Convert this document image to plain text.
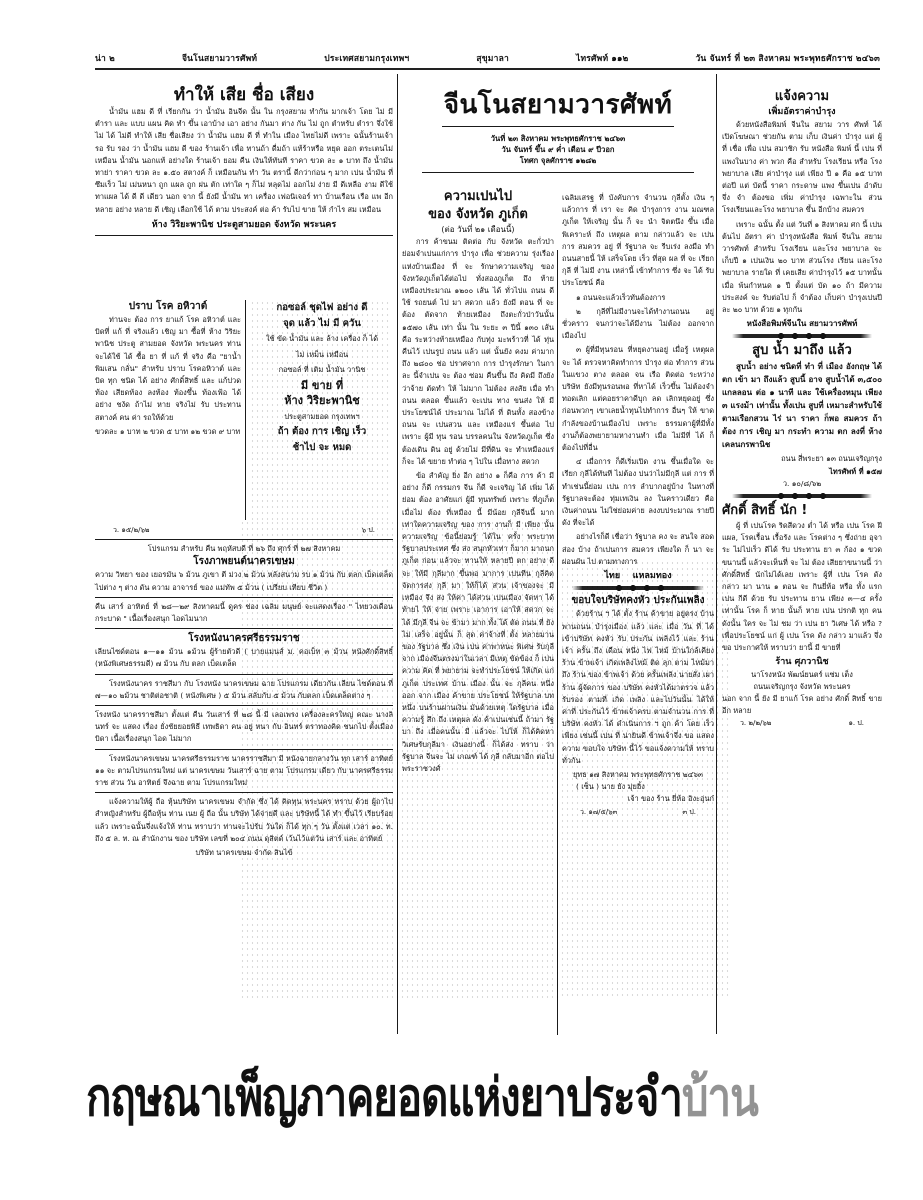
น่า ๒	จีนโนสยามวารศัพท์	ประเทศสยามกรุงเทพฯ	สุขุมาลา	ไทรศัพท์ ๑๑๒	วัน จันทร์ ที่ ๒๓ สิงหาคม พระพุทธศักราช ๒๔๖๓
ทำให้ เสีย ชื่อ เสียง

น้ำมัน แฮม ดี ที่ เรียกกัน ว่า น้ำมัน อินจีด นั้น ใน กรุงสยาม ทำกัน มากเจ้า โดย ไม่ มี ตำรา และ แบบ แผน คิด ทำ ขึ้น เอาบ้าง เอา อย่าง กันมา ต่าง กัน ไม่ ถูก ตำหรับ ตำรา จึ่งใช้ไม่ ได้ ไม่ดี ทำให้ เสีย ชื่อเสียง ว่า น้ำมัน แฮม ดี ที่ ทำใน เมือง ไทยไม่ดี เพราะ ฉนั้นร้านเจ้า รอ รับ รอง ว่า น้ำมัน แฮม ดี ของ ร้านเจ้า เพื่อ ทานถ้า ดื่มถ้า แท้ร้าหรือ หยุด ออก ตระเตนไม่ เหมือน น้ำมัน นอกแท้ อย่างใด ร้านเจ้า ยอม คืน เงินให้ทันที ราคา ขวด ละ ๑ บาท ถึง น้ำมันทาย่า ราคา ขวด ละ ๑.๕๐ สตางค์ ก็ เหมือนกัน ทำ วัน ตรานี้ ดีกว่าก่อน ๆ มาก เปน น้ำมัน ที่ ซึมเร็ว ไม่ เม่นหนา ถูก แผล ถูก ฝน ตัก เท่าใด ๆ ก็ไม่ หลุดไม่ ออกไม่ ง่าย มี ดีเหลือ งาม ดีใช้ ทาแผล ได้ ดี ดี เดียว นอก จาก นี้ ยังมี น้ำมัน ทา เครื่อง เฟอนิเจอร์ ทา บ้านเรือน เรือ แพ อีก หลาย อย่าง หลาย ดี เชิญ เลือกใช้ ได้ ตาม ประสงค์ ต่อ ค้า รับไป ขาย ให้ กำไร สม เหมือน

ห้าง วิริยะพานิช ประตูสามยอด จังหวัด พระนคร
ปราบ โรค อหิวาต์

ท่านจะ ต้อง การ ยาแก้ โรค อหิวาต์ และ บิดที่ แก้ ที่ จริงแล้ว เชิญ มา ซื้อที่ ห้าง วิริยะพานิช ประตู สามยอด จังหวัด พระนคร ท่าน จะได้ใช้ ได้ ซื้อ ยา ที่ แก้ ที่ จริง คือ "ยาน้ำ พิมเสน กลั่น" สำหรับ ปราบ โรคอหิวาต์ และ บิด ทุก ชนิด ได้ อย่าง ศักดิ์สิทธิ์ และ แก้ปวดท้อง เสียดท้อง ลงท้อง ท้องขึ้น ท้องเฟ้อ ได้ อย่าง ชงัด ถ้าไม่ หาย จริงไม่ รับ ประทาน สตางค์ คน ค่า รถให้ด้วย

ขวดละ ๑ บาท ๒ ขวด ๕ บาท ๑๒ ขวด ๙ บาท

กอซอล์ ชุดไฟ อย่าง ดี
จุด แล้ว ไม่ มี ควัน
ใช้ ขัด น้ำมัน และ ล้าง เครื่อง ก็ ได้
ไม่ เหม็น เหมือน
กอซอล์ ที่ เติม น้ำมัน วานิช
มี ขาย ที่
ห้าง วิริยะพานิช
ประตูสามยอด กรุงเทพฯ
ถ้า ต้อง การ เชิญ เร็ว
ช้าไป จะ หมด
ว. ๑๕/๒/๖๒	๖ ป.
โปรแกรม สำหรับ คืน พฤหัสบดี ที่ ๒๖ ถึง ศุกร์ ที่ ๒๗ สิงหาคม
โรงภาพยนต์นาครเขษม

ความ วิทยา ของ เยอรมัน ๖ ม้วน ภูเขา ตี ม่วง ๒ ม้วน หลังสนาม รบ ๑ ม้วน กับ ตลก เบ็ดเตล็ดไปต่าง ๆ ต่าง ดัน ความ อาจารย์ ของ แม่ทัพ ๕ ม้วน ( เปรียบ เทียบ ชีวิต )

คืน เสาร์ อาทิตย์ ที่ ๒๘—๒๙ สิงหาคมนี้ ดูคร ช่อง เฉลิม มนุษย์ จะแสดงเรื่อง " ไทยวงเดือน กระบาด " เนื้อเรื่องสนุก ไอดไมนาก

โรงหนังนาครศรีธรรมราช

เลียนไซด์ตอน ๑—๑๑ ม้วน ๑ม้วน ผู้ร้ายตัวดี ( บายแมนส์ ม. คอเบ็ท ๓ ม้วน หนังศักดิ์สิทธิ์ (หนังพิเศษธรรมดี) ๗ ม้วน กับ ตลก เบ็ดเตล็ด

โรงหนังนาคร ราชสีมา กับ โรงหนัง นาครเขษม ฉาย โปรแกรม เดียวกัน เลียน ไซด์ตอน ที่ ๗—๑๐ ๒ม้วน ชาติต่อชาติ ( หนังพิเศษ ) ๕ ม้วน สลับกับ ๕ ม้วน กับตลก เบ็ดเตล็ดต่าง ๆ

โรงหนัง นาครราชสีมา ตั้งแต่ คืน วันเสาร์ ที่ ๒๘ นี้ มี เลอเพรง เครื่องละครใหญ่ คณะ นางลินทร์ จะ แสดง เรื่อง ยั่งชัยยอยพิธี เทพธิดา คน อยู่ หนา กับ อินทร์ ตราทองคิด ชนกไป ตั้งเมือง บิดา เนื้อเรื่องสนุก ไอด ไม่มาก

โรงหนังนาครเขษม นาครศรีธรรมราช นาครราชสีมา มี หนังฉายกลางวัน ทุก เสาร์ อาทิตย์ ๑๑ จะ ตามไปรแกรมใหม่ แต่ นาครเขษม วันเสาร์ ฉาย ตาม โปรแกรม เดียว กับ นาครศรีธรรมราช ส่วน วัน อาทิตย์ จึงฉาย ตาม โปรแกรมใหม่

แจ้งความให้ผู้ ถือ หุ้นบริษัท นาครเขษม จำกัด ซึ่ง ได้ คิดทุน พระนคร ทราบ ด้วย ผู้ถาไป สำหญิงสำหรับ ผู้ถือหุ้น ท่าน เนย ผู้ ถือ นั้น บริษัท ได้จ่ายดี และ บริษัทนี้ ได้ ทำ ขึ้นไว้ เรียบร้อยแล้ว เพราะฉนั้นจึ่งแจ้งให้ ท่าน ทราบว่า ท่านจะไปรับ วันใด ก็ได้ ทุก ๆ วัน ตั้งแต่ เวลา ๑๐. ท. ถึง ๕ ล. ท. ณ สำนักงาน ของ บริษัท เลขที่ ๒๐๔ ถนน ดุสิตด์ เว้นไว้แต่วัน เสาร์ และ อาทิตย์

บริษัท นาครเขษม จำกัด สินไข้
จีนโนสยามวารศัพท์
วันที่ ๒๓ สิงหาคม พระพุทธศักราช ๒๔๖๓
วัน จันทร์ ขึ้น ๙ ค่ำ เดือน ๙ ปีวอก
โทศก จุลศักราช ๑๒๘๒
ความเปนไป
ของ จังหวัด ภูเก็ต
(ต่อ วันที่ ๒๑ เดือนนี้)

การ ค้าขนม ติดต่อ กับ จังหวัด ตะกั่วป่า ย่อมจำเปนแก่การ บำรุง เพื่อ ช่วยความ รุ่งเรือง แห่งบ้านเมือง ที่ จะ รักษาความเจริญ ของจังหวัดภูเก็ตได้ต่อไป ทั่งสองภูเก็ต ถึง ท้าย เหมืองประมาณ ๑๒๐๐ เส้น ได้ ทั่วไปแ ถนน ดี ใช้ รถยนต์ ไป มา สดวก แล้ว ยังมี ตอน ที่ จะ ต้อง ตัดจาก ท้ายเหมือง ถึงตะกั่วป่าวันนั้น ๑๕๗๐ เส้น เท่า นั้น ใน ระยะ ๓ ปีนี้ ๑๓๐ เส้น คือ ระหว่างท้ายเหมือง กับทุ่ง มะพร้าวที่ ได้ ทุ่นคืนไว้ เปนรูป ถนน แล้ว แต่ นั้นยัง คงม ค่ามาก ถึง ๒๘๐๐ ช่อ ปราศจาก การ บำรุงรักษา ในกาละ นี้จำเปน จะ ต้อง ซ่อม คืนขึ้น ถึง คิดมี ถึงยังว่าจ้าย ตัดทำ ให้ ไม่มาก ไม่ต้อง สงสัย เมื่อ ทำ ถนน ตลอด ขึ้นแล้ว จะเปน ทาง ขนส่ง ให้ มีประโยชน์ได้ ประมาณ ไม่ได้ ที่ ดินทั้ง สองข้างถนน จะ เปนสวน และ เหมืองแร่ ขึ้นต่อ ไป เพราะ ผู้มี ทุน รอน บรรลคนใน จังหวัดภูเก็ต ซึ่งต้องเดิน ดิน อยู่ ด้วยไม่ มีที่ดิน จะ ทำเหมืองแร่ ก็จะ ได้ ขยาย ทำต่อ ๆ ไปใน เมื่อทาง สดวก

ข้อ สำคัญ ยิ่ง อีก อย่าง ๑ ก็คือ การ ค้า มีอย่าง ก็ดี กรรมกร จีน ก็ดี จะเจริญ ได้ เพิ่ม ได้ ย่อม ต้อง อาศัยแก่ ผู้มี ทุนทรัพย์ เพราะ ที่ภูเก็ต เมื่อไม่ ต้อง ที่เหมือง นี้ มีน้อย กุลีจีนนี้ มาก เท่าใดความเจริญ ของ การ งานก็ มี เพียง นั้น ความเจริญ ข้อนี้ย่อมรู้ ได้ใน ครั้ง พระบาท รัฐบาลประเทศ ซึ่ง ส่ง สนุกหัวเท่า ก็มาก มาถนก ภูเก็ต ก่อน แล้วจะ ทานให้ หลายปี ตก อย่าง ดี จะ ให้มี กุลีมาก ขึ้นพอ มาการ เปนทีน กุลีคิด จัดการส่ง กุลี มา ให้ก็ได้ ส่วน เจ้าของจะ มีเหมือง จึง ส่ง ให้ค่า ได้ส่วน เปนเมือง จัดหา ได้ท้ายไ ให้ จ่าย เพราะ เอาการ เอาให้ สดวก จะ ได้ มีกุลี จีน จะ ข้ามา มาก ทั้ง ได้ ตัด ถนน ที่ ยัง ไม่ เสร็จ อยู่นั้น ก็ สุด ค่าจ้างที่ ตั้ง หลายมาน ของ รัฐบาล ซึ่ง เงิน เปน ค่าพาหนะ พิเศษ รับกุลี จาก เมืองจีนตรงมาในเวลา มีเหตุ ขัดข้อง ก็ เปน ความ คิด ที่ พยายาม จะทำประโยชน์ ให้เกิด แก่ ภูเก็ต ประเทศ บ้าน เมือง นั้น จะ กุลีคน หนึ่ง ออก จาก เมือง ค้าขาย ประโยชน์ ให้รัฐบาล บทหนึ่ง บนร้านผ่านเงิน มันด้วยเหตุ ใดรัฐบาล เมื่อ ความรู้ สึก ถึง เหตุผล ดัง ค้าเปนเช่นนี้ ถ้ามา รัฐบา ถึง เมื่อคนนั้น มี แล้วจะ ไปให้ ก็ได้คิดหาวิเศษรับกุลีมา เงินอย่างนี้ ก็ได้ส่ง ทราบ ว่า รัฐบาล จีนจะ ไม่ เกณฑ์ ได้ กุลี กลับมาอีก ต่อไป พระราชวงศ์

เฉลิมเสรฐ ที่ บังคับการ จำนวน กุลีตั้ง เงิน ๆ แล้วการ ที่ เรา จะ คิด บำรุงการ งาน มณฑลภูเก็ต ให้เจริญ นั้น ก็ จะ นำ จิตตนึง ขึ้น เมื่อพิเคราะห์ ถึง เหตุผล ตาม กล่าวแล้ว จะ เปน การ สมควร อยู่ ที่ รัฐบาล จะ รีบเร่ง ลงมือ ทำถนนสายนี้ ให้ เสร็จโดย เร็ว ที่สุด ผล ที่ จะ เรียก กุลี ที่ ไม่มี งาน เหล่านี้ เข้าทำการ ซึ่ง จะ ได้ รับประโยชน์ คือ

๑ ถนนจะแล้วเร็วทันต้องการ

๒ กุลีที่ไม่มีงานจะได้ทำงานถนน อยู่ ชั่วคราว จนกว่าจะได้มีงาน ไม่ต้อง ออกจากเมืองไป

๓ ผู้ที่มีทุนรอน ที่หยุดงานอยู่ เมื่อรู้ เหตุผล จะ ได้ ตรวจหาคิดทำการ บำรุง ต่อ ทำการ ส่วน ในแขวง ตาง ตลอด จน เรือ ติดต่อ ระหว่าง บริษัท ยังมีทุนรอนพอ ที่หาได้ เร็วขึ้น ไม่ต้องจำ ทอดเลิก แต่คอยราคาดีบุก ลด เลิกหยุดอยู่ ซึ่ง ก่อนพวกๆ เขาเลยน้ำทุนไปทำการ อื่นๆ ให้ ขาดกำลังของบ้านเมืองไป เพราะ ธรรมดาผู้ที่มีทั้ง งานก็ต้องพยายามหางานทำ เมื่อ ไม่มีที่ ได้ ก็ต้องไปที่อื่น

๔ เมื่อการ ก็ดีเริ่มเปิด งาน ขึ้นเมื่อใด จะเรียก กุลีได้ทันที ไม่ต้อง บ่นว่าไม่มีกุลี แต่ การ ที่ทำเช่นนี้ย่อม เปน การ ลำบากอยู่บ้าง ในทางที่รัฐบาลจะต้อง ทุ่มเทเงิน ลง ในคราวเดียว คือ เงินค่าถนน ไม่ใช่ย่อมค่าย ลงงบประมาณ รายปี ดัง ที่จะได้

อย่างไรก็ดี เชื่อว่า รัฐบาล คง จะ สนใจ สอดส่อง บ้าง ถ้าเปนการ สมควร เพียงใด ก็ นา จะ ผ่อนผัน ไป ตามทางการ

ไทย แหลมทอง
ขอบใจบริษัทคงหัว ประกันเพลิง

ด้วยร้าน ฯ ได้ ตั้ง ร้าน ค้าขาย อยู่ตรง บ้าน พานถนน บำรุงเมือง แล้ว และ เมื่อ วัน ที่ ได้ เข้าบริษัท คงหัว รับ ประกัน เพลิงไว้ และ ร้านเจ้า ครั้น ถึง เดือน หนึ่ง ไฟ ไหม้ บ้านใกล้เคียงร้าน ข้าพเจ้า เกิดเพลิงไหม้ ติด ลุก ตาม ไหม้มา ถึง ร้าน ของ ข้าพเจ้า ด้วย ครั้นเพลิง นายสั่ง เผา ร้าน ผู้จัดการ ของ บริษัท คงหัวได้มาตรวจ แล้วรับรอง ตามที่ เกิด เพลิง และไปวันนั้น ได้ให้ ค่าที่ ประกันไว้ ข้าพเจ้าครบ ตามจำนวน การ ที่ บริษัท คงหัว ได้ ดำเนินการ ฯ ถูก ค้า โดย เร็ว เพียง เช่นนี้ เปน ที่ น่ายินดี ข้าพเจ้าจึ่ง ขอ แสดงความ ขอบใจ บริษัท นี้ไว้ ขอแจ้งความให้ ทราบ ทั่วกัน

ยุทธ ๑๗ สิงหาคม พระพุทธศักราช ๒๔๖๓
( เซ็น ) นาย ยัง มุ่ยฮิ้ง
เจ้า ของ ร้าน ยี่ห้อ อิงะอุ่นก๋
ว. ๑๗/๕/๖๓	๓ ป.
แจ้งความ
เพิ่มอัตราค่าบำรุง

ด้วยหนังสือพิมพ์ จีนใน สยาม วาร ศัพท์ ได้ เปิดโฆษณา ช่วยกัน ตาม เก็บ เงินค่า บำรุง แต่ ผู้ ที่ เชื่อ เพื่อ เปน สมาชิก รับ หนังสือ พิมพ์ นี้ เปน ที่ แพงในบาง ค่า พวก คือ สำหรับ โรงเรียน หรือ โรง พยาบาล เสีย ค่าบำรุง แต่ เพียง ปี ๑ คือ ๑๕ บาท ต่อปี แต่ บัดนี้ ราคา กระดาษ แพง ขึ้นเปน อำดับ จึ่ง จำ ต้องขอ เพิ่ม ค่าบำรุง เฉพาะใน ส่วนโรงเรียนและโรง พยาบาล ขึ้น อีกบ้าง สมควร

เพราะ ฉนั้น ตั้ง แต่ วันที่ ๑ สิงหาคม ศก นี้ เปนต้นไป อัตรา ค่า บำรุงหนังสือ พิมพ์ จีนใน สยาม วารศัพท์ สำหรับ โรงเรียน และโรง พยาบาล จะ เก็บปี ๑ เปนเงิน ๒๐ บาท ส่วนโรง เรียน และโรงพยาบาล รายใด ที่ เคยเสีย ค่าบำรุงไว้ ๑๕ บาทนั้น เมื่อ พ้นกำหนด ๑ ปี ตั้งแต่ บัด ๑๐ ถ้า มีความประสงค์ จะ รับต่อไป ก็ จำต้อง เก็บค่า บำรุงเปนปีละ ๒๐ บาท ด้วย ๑ ทุกกัน

หนังสือพิมพ์จีนใน สยามวารศัพท์
สูบ น้ำ มาถึง แล้ว

สูบน้ำ อย่าง ชนิดที่ ทำ ที่ เมือง อังกฤษ ได้ตก เข้า มา ถึงแล้ว สูบนี้ อาจ สูบน้ำได้ ๓,๕๐๐ แกลลอน ต่อ ๑ นาที และ ใช้เครื่องหมุน เพียง ๓ แรงม้า เท่านั้น ทั้งเปน สูบที่ เหมาะสำหรับใช้ ตามเรือกสวน ไร่ นา ราคา ก็พอ สมควร ถ้า ต้อง การ เชิญ มา กระทำ ความ ตก ลงที่ ห้าง เคลนกรพานิช

ถนน สี่พระยา ๑๓ ถนนเจริญกรุง
ไทรศัพท์ ที่ ๑๕๗
ว. ๑๐/๘/๖๒
ศักดิ์ สิทธิ์ นัก !

ผู้ ที่ เปนโรค ริดสีดวง ต่ำ ได้ หรือ เปน โรค ฝี แผล, โรคเรื้อน เรื้อรัง และ โรคต่าง ๆ ซึ่งถ่าย อุจาระ ไม่ไปเร็ว ดีได้ รับ ประทาน ยา ๓ ก้อง ๑ ขวด ขนานนี้ แล้วจะเห็นที่ จะ ไม่ ต้อง เสียยาขนานนี้ ว่า ศักดิ์สิทธิ์ นักไม่ได้เลย เพราะ ผู้ที่ เปน โรค ดัง กล่าว มา นาน ๑ ตอน จะ กินยี่ห้อ หรือ ทั้ง แรก เปน กีดี ด้วย รับ ประทาน ยาน เพียง ๓—๔ ครั้งเท่านั้น โรค ก็ หาย นั้นก็ หาย เปน ปรกติ ทุก คน ดังนั้น ใคร จะ ไม่ ชม ว่า เปน ยา วิเศษ ได้ หรือ ? เพื่อประโยชน์ แก่ ผู้ เปน โรค ดัง กล่าว มาแล้ว จึ่ง ขอ ประกาศให้ ทราบว่า ยานี้ มี ขายที่

ร้าน ศุภวานิช
นาโรงหนัง พัฒน์ยนตร์ แซ่ม เต็ง
ถนนเจริญกรุง จังหวัด พระนคร
นอก จาก นี้ ยัง มี ยาแก้ โรค อย่าง ศักดิ์ สิทธิ์ ขาย อีก หลาย
ว. ๒/๒/๖๒	๑. ป.
กฤษณาเพ็ญภาคยอดแห่งยาประจำบ้าน
